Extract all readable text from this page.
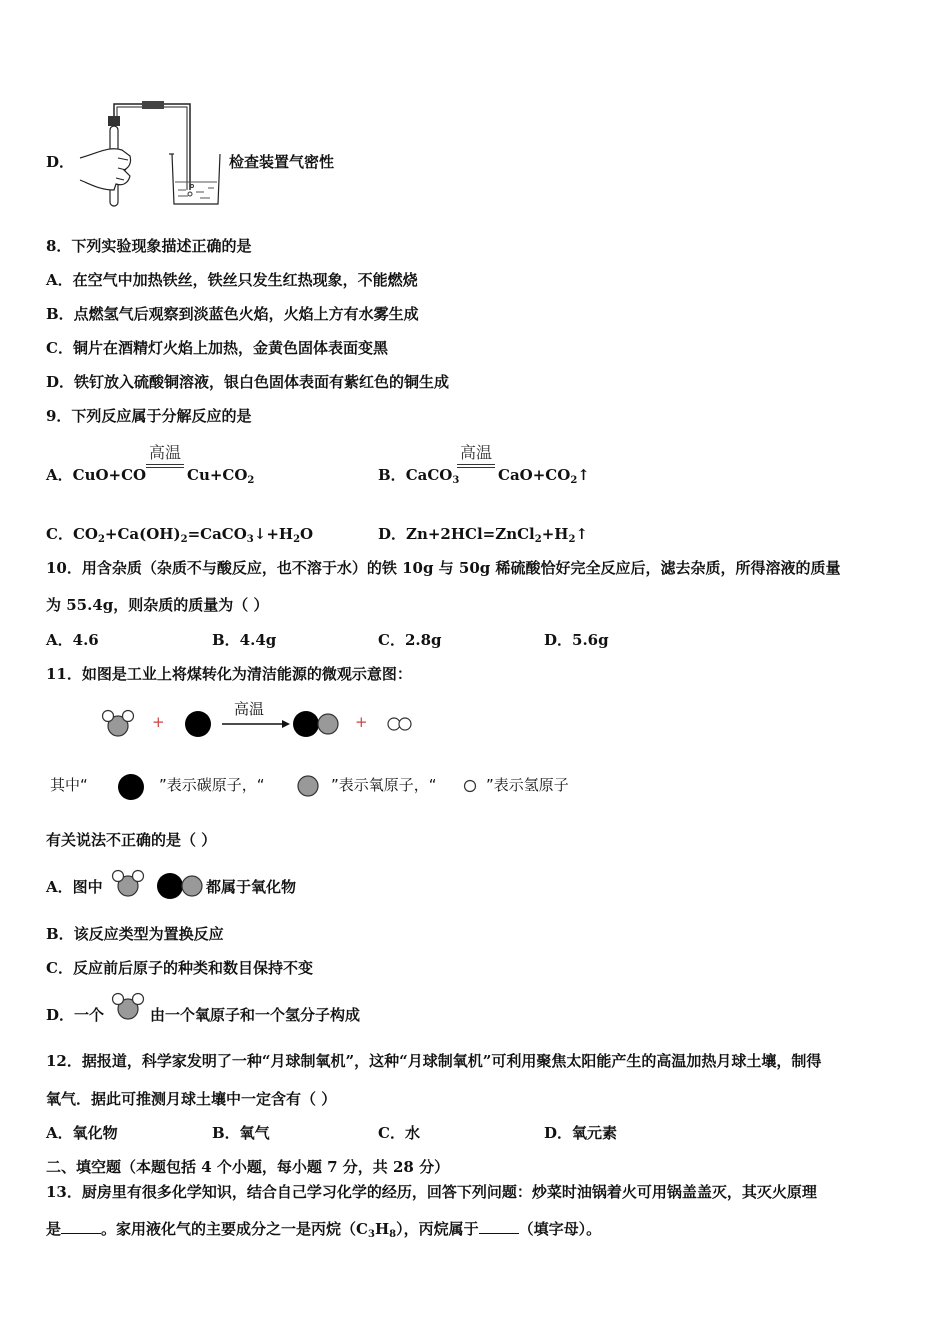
D．	检查装置气密性
8．下列实验现象描述正确的是
A．在空气中加热铁丝，铁丝只发生红热现象，不能燃烧
B．点燃氢气后观察到淡蓝色火焰，火焰上方有水雾生成
C．铜片在酒精灯火焰上加热，金黄色固体表面变黑
D．铁钉放入硫酸铜溶液，银白色固体表面有紫红色的铜生成
9．下列反应属于分解反应的是
A．CuO+CO
高温
$Cu+CO_2$	B．CaCO$_3$
高温
$CaO+CO_2↑$
C．$CO_2+Ca(OH)_2=CaCO_3↓+H_2O$	D．$Zn+2HCl=ZnCl_2+H_2↑$
10．用含杂质（杂质不与酸反应，也不溶于水）的铁 10g 与 50g 稀硫酸恰好完全反应后，滤去杂质，所得溶液的质量
为 55.4g，则杂质的质量为（ ）
A．4.6	B．4.4g	C．2.8g	D．5.6g
11．如图是工业上将煤转化为清洁能源的微观示意图：
+	+
高温
其中“	”表示碳原子，“	”表示氧原子，“	”表示氢原子
有关说法不正确的是（ ）
A．图中	都属于氧化物
B．该反应类型为置换反应
C．反应前后原子的种类和数目保持不变
D．一个	由一个氧原子和一个氢分子构成
12．据报道，科学家发明了一种“月球制氧机”，这种“月球制氧机”可利用聚焦太阳能产生的高温加热月球土壤，制得
氧气．据此可推测月球土壤中一定含有（ ）
A．氧化物	B．氧气	C．水	D．氧元素
二、填空题（本题包括 4 个小题，每小题 7 分，共 28 分）
13．厨房里有很多化学知识，结合自己学习化学的经历，回答下列问题：炒菜时油锅着火可用锅盖盖灭，其灭火原理
是	。家用液化气的主要成分之一是丙烷$(C_3H_8)$，丙烷属于	（填字母）。
